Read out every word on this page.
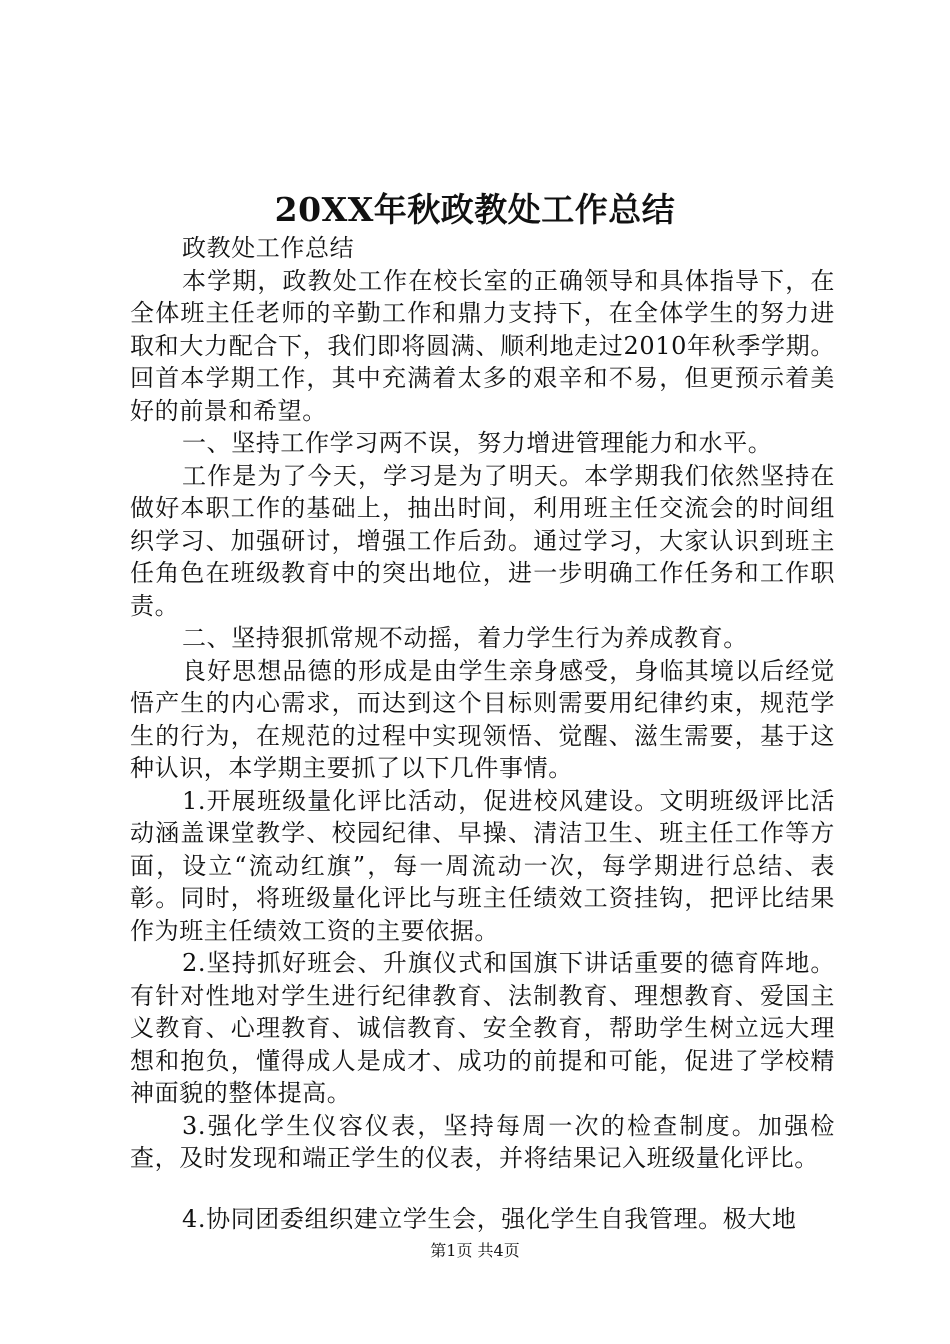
20XX年秋政教处工作总结

政教处工作总结

本学期，政教处工作在校长室的正确领导和具体指导下，在全体班主任老师的辛勤工作和鼎力支持下，在全体学生的努力进取和大力配合下，我们即将圆满、顺利地走过2010年秋季学期。回首本学期工作，其中充满着太多的艰辛和不易，但更预示着美好的前景和希望。

一、坚持工作学习两不误，努力增进管理能力和水平。

工作是为了今天，学习是为了明天。本学期我们依然坚持在做好本职工作的基础上，抽出时间，利用班主任交流会的时间组织学习、加强研讨，增强工作后劲。通过学习，大家认识到班主任角色在班级教育中的突出地位，进一步明确工作任务和工作职责。

二、坚持狠抓常规不动摇，着力学生行为养成教育。

良好思想品德的形成是由学生亲身感受，身临其境以后经觉悟产生的内心需求，而达到这个目标则需要用纪律约束，规范学生的行为，在规范的过程中实现领悟、觉醒、滋生需要，基于这种认识，本学期主要抓了以下几件事情。

1.开展班级量化评比活动，促进校风建设。文明班级评比活动涵盖课堂教学、校园纪律、早操、清洁卫生、班主任工作等方面，设立“流动红旗”，每一周流动一次，每学期进行总结、表彰。同时，将班级量化评比与班主任绩效工资挂钩，把评比结果作为班主任绩效工资的主要依据。

2.坚持抓好班会、升旗仪式和国旗下讲话重要的德育阵地。有针对性地对学生进行纪律教育、法制教育、理想教育、爱国主义教育、心理教育、诚信教育、安全教育，帮助学生树立远大理想和抱负，懂得成人是成才、成功的前提和可能，促进了学校精神面貌的整体提高。

3.强化学生仪容仪表，坚持每周一次的检查制度。加强检查，及时发现和端正学生的仪表，并将结果记入班级量化评比。

4.协同团委组织建立学生会，强化学生自我管理。极大地

第1页 共4页
